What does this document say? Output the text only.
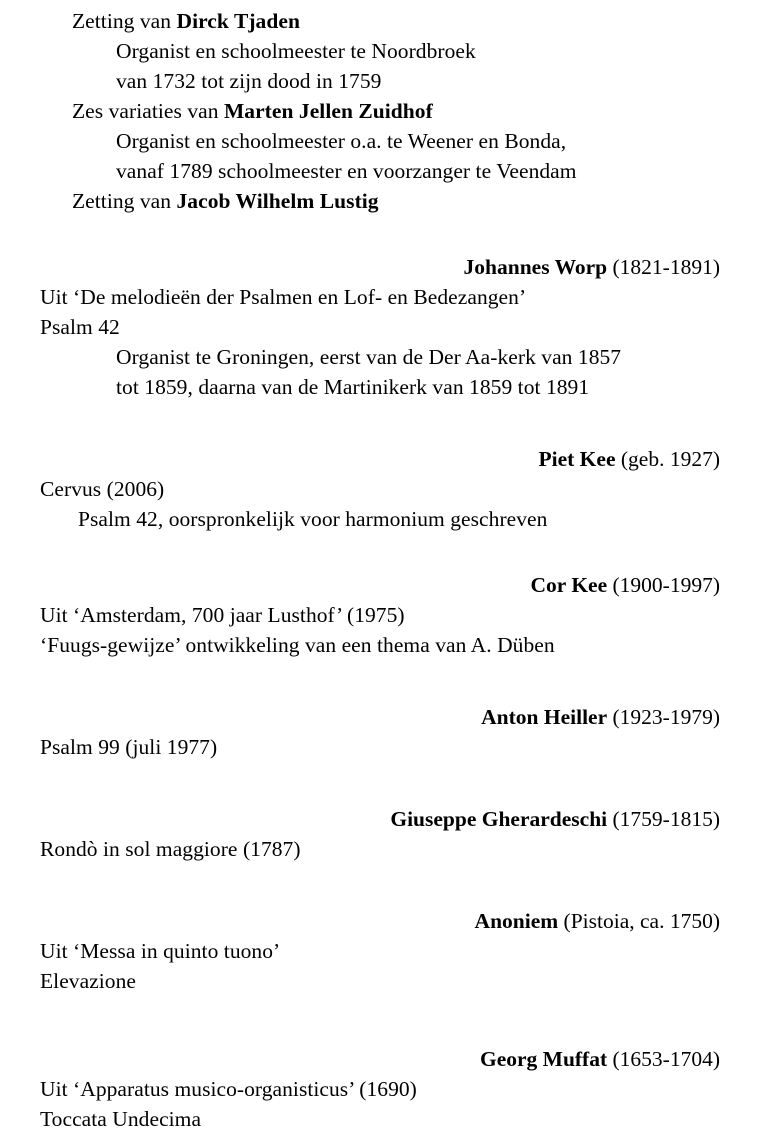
Zetting van Dirck Tjaden
Organist en schoolmeester te Noordbroek
van 1732 tot zijn dood in 1759
Zes variaties van Marten Jellen Zuidhof
Organist en schoolmeester o.a. te Weener en Bonda,
vanaf 1789 schoolmeester en voorzanger te Veendam
Zetting van Jacob Wilhelm Lustig
Johannes Worp (1821-1891)
Uit ‘De melodieën der Psalmen en Lof- en Bedezangen’
Psalm 42
Organist te Groningen, eerst van de Der Aa-kerk van 1857
tot 1859, daarna van de Martinikerk van 1859 tot 1891
Piet Kee (geb. 1927)
Cervus (2006)
Psalm 42, oorspronkelijk voor harmonium geschreven
Cor Kee (1900-1997)
Uit ‘Amsterdam, 700 jaar Lusthof’ (1975)
‘Fuugs-gewijze’ ontwikkeling van een thema van A. Düben
Anton Heiller (1923-1979)
Psalm 99 (juli 1977)
Giuseppe Gherardeschi (1759-1815)
Rondò in sol maggiore (1787)
Anoniem (Pistoia, ca. 1750)
Uit ‘Messa in quinto tuono’
Elevazione
Georg Muffat (1653-1704)
Uit ‘Apparatus musico-organisticus’ (1690)
Toccata Undecima
